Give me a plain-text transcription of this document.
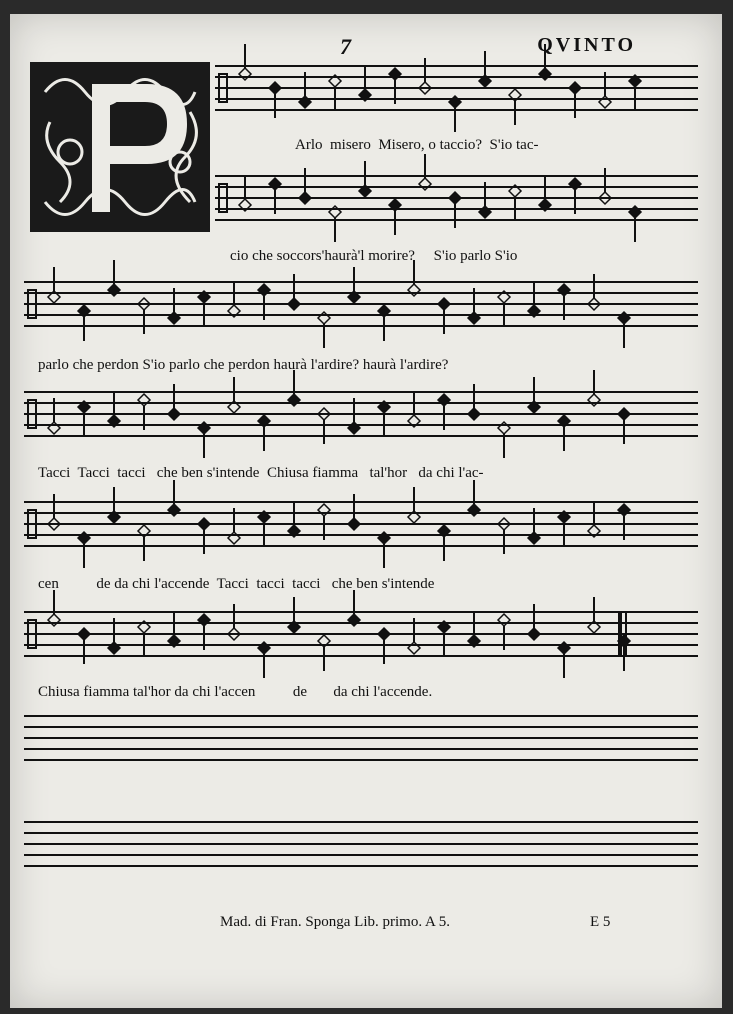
7	QVINTO
Arlo  misero  Misero, o taccio?  S'io tac-
cio che soccors'haurà'l morire?     S'io parlo S'io
parlo che perdon S'io parlo che perdon haurà l'ardire? haurà l'ardire?
Tacci  Tacci  tacci   che ben s'intende  Chiusa fiamma   tal'hor   da chi l'ac-
cen          de da chi l'accende  Tacci  tacci  tacci   che ben s'intende
Chiusa fiamma tal'hor da chi l'accen          de       da chi l'accende.
Mad. di Fran. Sponga Lib. primo. A 5.	E 5
